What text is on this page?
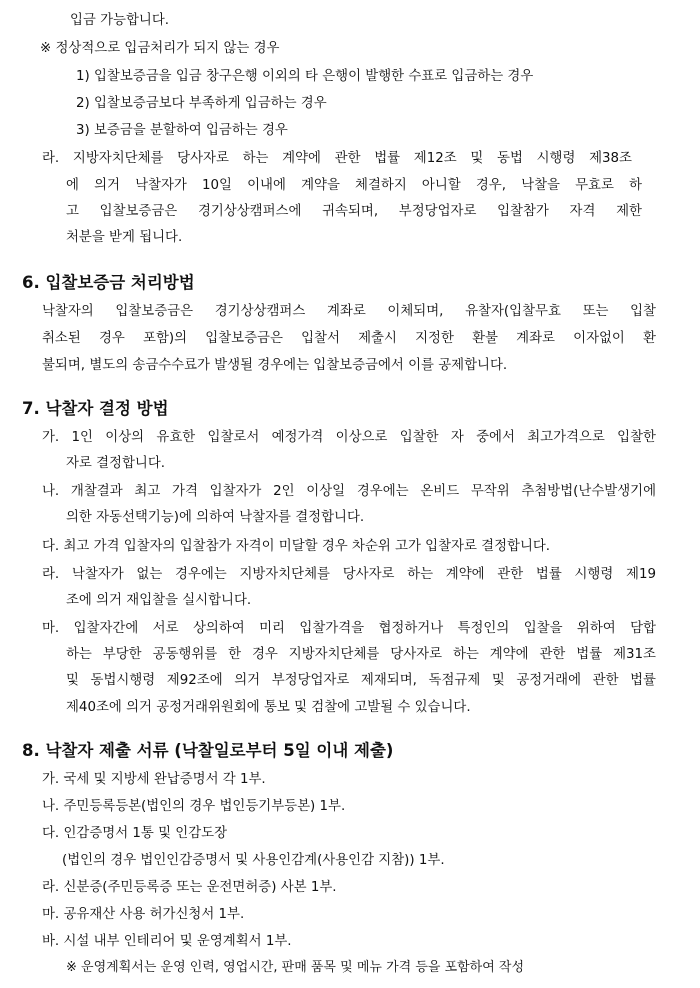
입금 가능합니다.
※ 정상적으로 입금처리가 되지 않는 경우
1) 입찰보증금을 입금 창구은행 이외의 타 은행이 발행한 수표로 입금하는 경우
2) 입찰보증금보다 부족하게 입금하는 경우
3) 보증금을 분할하여 입금하는 경우
라. 지방자치단체를 당사자로 하는 계약에 관한 법률 제12조 및 동법 시행령 제38조
에 의거 낙찰자가 10일 이내에 계약을 체결하지 아니할 경우, 낙찰을 무효로 하
고 입찰보증금은 경기상상캠퍼스에 귀속되며, 부정당업자로 입찰참가 자격 제한
처분을 받게 됩니다.
6. 입찰보증금 처리방법
낙찰자의 입찰보증금은 경기상상캠퍼스 계좌로 이체되며, 유찰자(입찰무효 또는 입찰
취소된 경우 포함)의 입찰보증금은 입찰서 제출시 지정한 환불 계좌로 이자없이 환
불되며, 별도의 송금수수료가 발생될 경우에는 입찰보증금에서 이를 공제합니다.
7. 낙찰자 결정 방법
가. 1인 이상의 유효한 입찰로서 예정가격 이상으로 입찰한 자 중에서 최고가격으로 입찰한
자로 결정합니다.
나. 개찰결과 최고 가격 입찰자가 2인 이상일 경우에는 온비드 무작위 추첨방법(난수발생기에
의한 자동선택기능)에 의하여 낙찰자를 결정합니다.
다. 최고 가격 입찰자의 입찰참가 자격이 미달할 경우 차순위 고가 입찰자로 결정합니다.
라. 낙찰자가 없는 경우에는 지방자치단체를 당사자로 하는 계약에 관한 법률 시행령 제19
조에 의거 재입찰을 실시합니다.
마. 입찰자간에 서로 상의하여 미리 입찰가격을 협정하거나 특정인의 입찰을 위하여 담합
하는 부당한 공동행위를 한 경우 지방자치단체를 당사자로 하는 계약에 관한 법률 제31조
및 동법시행령 제92조에 의거 부정당업자로 제재되며, 독점규제 및 공정거래에 관한 법률
제40조에 의거 공정거래위원회에 통보 및 검찰에 고발될 수 있습니다.
8. 낙찰자 제출 서류 (낙찰일로부터 5일 이내 제출)
가. 국세 및 지방세 완납증명서 각 1부.
나. 주민등록등본(법인의 경우 법인등기부등본) 1부.
다. 인감증명서 1통 및 인감도장
(법인의 경우 법인인감증명서 및 사용인감계(사용인감 지참)) 1부.
라. 신분증(주민등록증 또는 운전면허증) 사본 1부.
마. 공유재산 사용 허가신청서 1부.
바. 시설 내부 인테리어 및 운영계획서 1부.
※ 운영계획서는 운영 인력, 영업시간, 판매 품목 및 메뉴 가격 등을 포함하여 작성
